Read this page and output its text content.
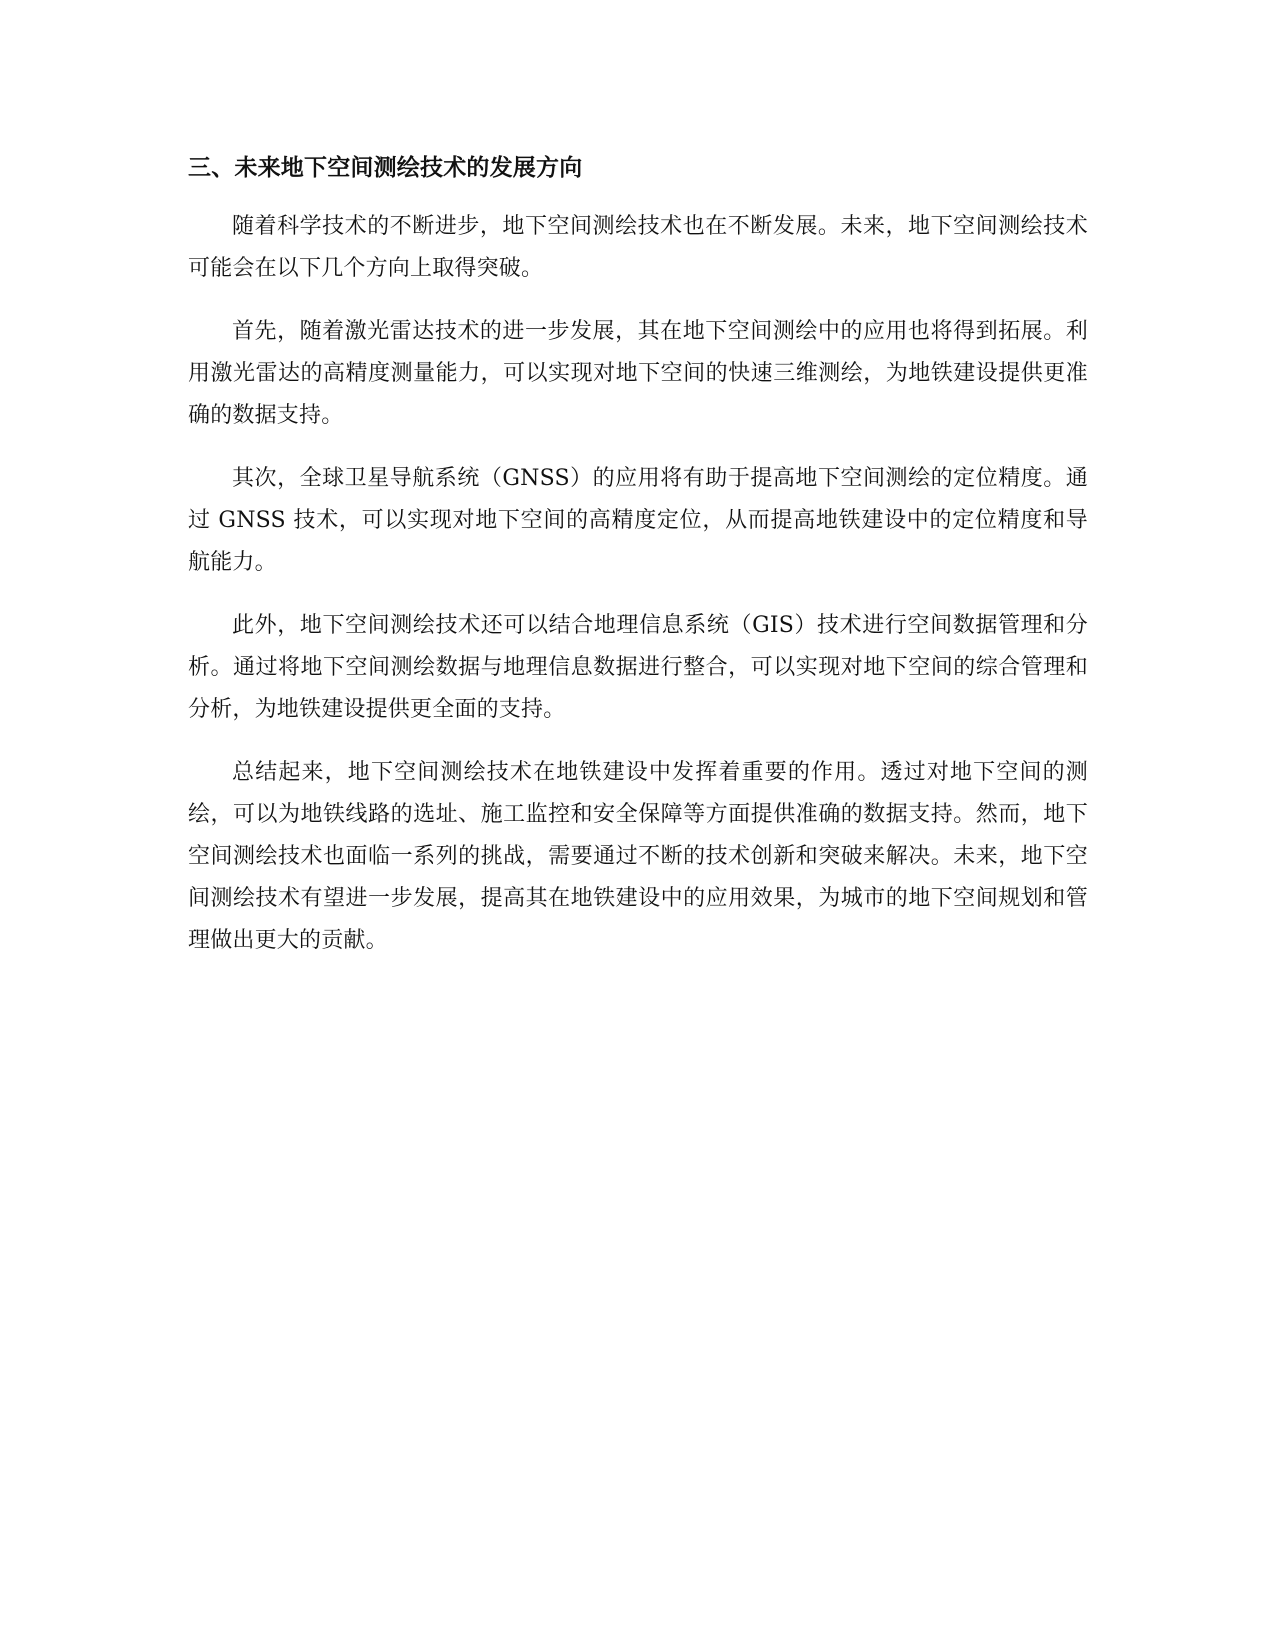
三、未来地下空间测绘技术的发展方向

随着科学技术的不断进步，地下空间测绘技术也在不断发展。未来，地下空间测绘技术可能会在以下几个方向上取得突破。

首先，随着激光雷达技术的进一步发展，其在地下空间测绘中的应用也将得到拓展。利用激光雷达的高精度测量能力，可以实现对地下空间的快速三维测绘，为地铁建设提供更准确的数据支持。

其次，全球卫星导航系统（GNSS）的应用将有助于提高地下空间测绘的定位精度。通过 GNSS 技术，可以实现对地下空间的高精度定位，从而提高地铁建设中的定位精度和导航能力。

此外，地下空间测绘技术还可以结合地理信息系统（GIS）技术进行空间数据管理和分析。通过将地下空间测绘数据与地理信息数据进行整合，可以实现对地下空间的综合管理和分析，为地铁建设提供更全面的支持。

总结起来，地下空间测绘技术在地铁建设中发挥着重要的作用。透过对地下空间的测绘，可以为地铁线路的选址、施工监控和安全保障等方面提供准确的数据支持。然而，地下空间测绘技术也面临一系列的挑战，需要通过不断的技术创新和突破来解决。未来，地下空间测绘技术有望进一步发展，提高其在地铁建设中的应用效果，为城市的地下空间规划和管理做出更大的贡献。
